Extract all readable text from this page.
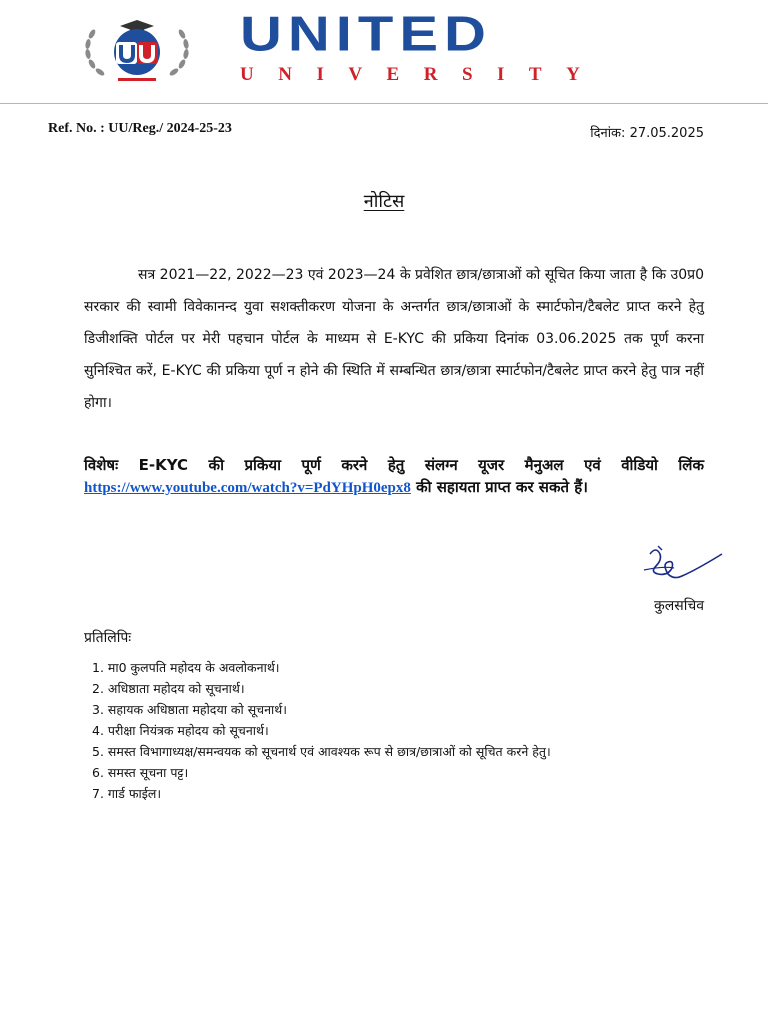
UNITED
UNIVERSITY
Ref. No. : UU/Reg./ 2024-25-23	दिनांक: 27.05.2025
नोटिस
सत्र 2021—22, 2022—23 एवं 2023—24 के प्रवेशित छात्र/छात्राओं को सूचित किया जाता है कि उ0प्र0 सरकार की स्वामी विवेकानन्द युवा सशक्तीकरण योजना के अन्तर्गत छात्र/छात्राओं के स्मार्टफोन/टैबलेट प्राप्त करने हेतु डिजीशक्ति पोर्टल पर मेरी पहचान पोर्टल के माध्यम से E-KYC की प्रकिया दिनांक 03.06.2025 तक पूर्ण करना सुनिश्चित करें, E-KYC की प्रकिया पूर्ण न होने की स्थिति में सम्बन्धित छात्र/छात्रा स्मार्टफोन/टैबलेट प्राप्त करने हेतु पात्र नहीं होगा।
विशेषः E-KYC की प्रकिया पूर्ण करने हेतु संलग्न यूजर मैनुअल एवं वीडियो लिंक https://www.youtube.com/watch?v=PdYHpH0epx8 की सहायता प्राप्त कर सकते हैं।
कुलसचिव
प्रतिलिपिः
1. मा0 कुलपति महोदय के अवलोकनार्थ।
2. अधिष्ठाता महोदय को सूचनार्थ।
3. सहायक अधिष्ठाता महोदया को सूचनार्थ।
4. परीक्षा नियंत्रक महोदय को सूचनार्थ।
5. समस्त विभागाध्यक्ष/समन्वयक को सूचनार्थ एवं आवश्यक रूप से छात्र/छात्राओं को सूचित करने हेतु।
6. समस्त सूचना पट्ट।
7. गार्ड फाईल।
